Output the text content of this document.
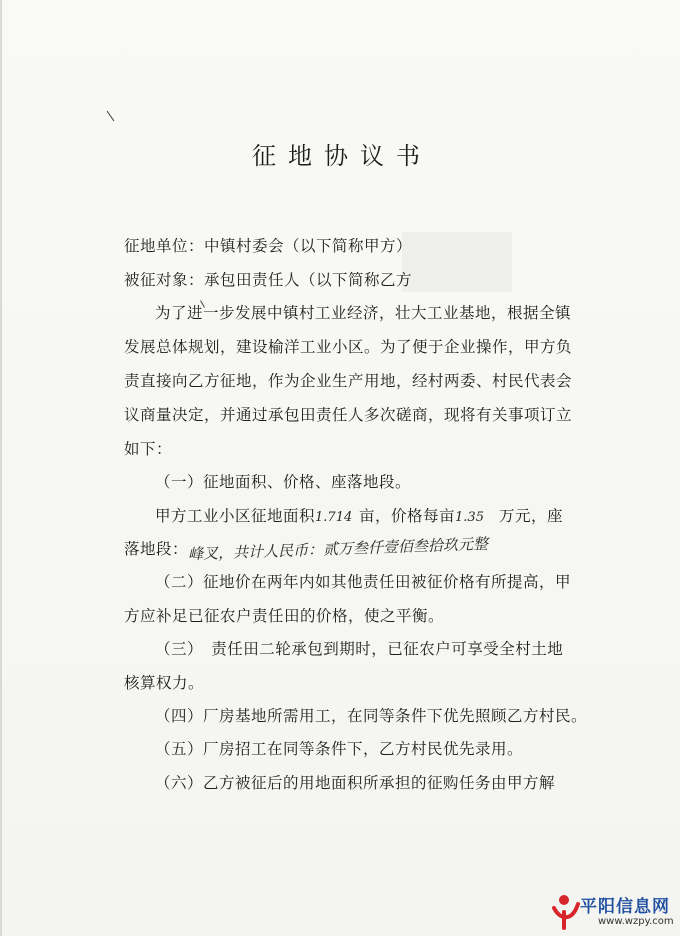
征地协议书
征地单位：中镇村委会（以下简称甲方）
被征对象：承包田责任人（以下简称乙方
为了进一步发展中镇村工业经济，壮大工业基地，根据全镇
发展总体规划，建设榆洋工业小区。为了便于企业操作，甲方负
责直接向乙方征地，作为企业生产用地，经村两委、村民代表会
议商量决定，并通过承包田责任人多次磋商，现将有关事项订立
如下：
（一）征地面积、价格、座落地段。
甲方工业小区征地面积1.714 亩，价格每亩1.35 万元，座
落地段：峰叉，共计人民币：贰万叁仟壹佰叁拾玖元整
（二）征地价在两年内如其他责任田被征价格有所提高，甲
方应补足已征农户责任田的价格，使之平衡。
（三）　责任田二轮承包到期时，已征农户可享受全村土地
核算权力。
（四）厂房基地所需用工，在同等条件下优先照顾乙方村民。
（五）厂房招工在同等条件下，乙方村民优先录用。
（六）乙方被征后的用地面积所承担的征购任务由甲方解
平阳信息网
www.wzpy.com
